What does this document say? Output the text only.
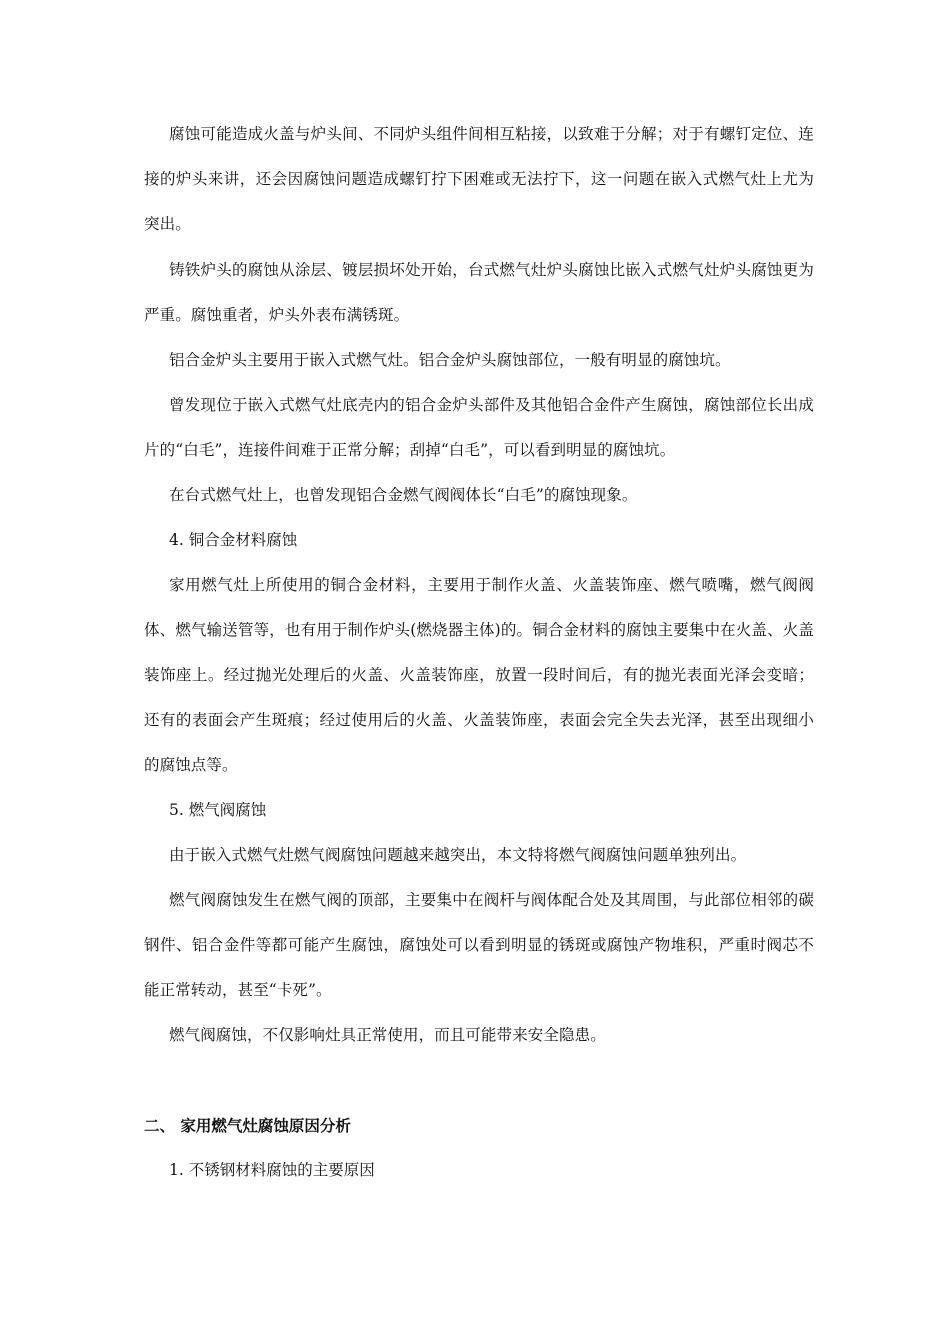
腐蚀可能造成火盖与炉头间、不同炉头组件间相互粘接，以致难于分解；对于有螺钉定位、连接的炉头来讲，还会因腐蚀问题造成螺钉拧下困难或无法拧下，这一问题在嵌入式燃气灶上尤为突出。

铸铁炉头的腐蚀从涂层、镀层损坏处开始，台式燃气灶炉头腐蚀比嵌入式燃气灶炉头腐蚀更为严重。腐蚀重者，炉头外表布满锈斑。

铝合金炉头主要用于嵌入式燃气灶。铝合金炉头腐蚀部位，一般有明显的腐蚀坑。

曾发现位于嵌入式燃气灶底壳内的铝合金炉头部件及其他铝合金件产生腐蚀，腐蚀部位长出成片的“白毛”，连接件间难于正常分解；刮掉“白毛”，可以看到明显的腐蚀坑。

在台式燃气灶上，也曾发现铝合金燃气阀阀体长“白毛”的腐蚀现象。

4. 铜合金材料腐蚀

家用燃气灶上所使用的铜合金材料，主要用于制作火盖、火盖装饰座、燃气喷嘴，燃气阀阀体、燃气输送管等，也有用于制作炉头(燃烧器主体)的。铜合金材料的腐蚀主要集中在火盖、火盖装饰座上。经过抛光处理后的火盖、火盖装饰座，放置一段时间后，有的抛光表面光泽会变暗；还有的表面会产生斑痕；经过使用后的火盖、火盖装饰座，表面会完全失去光泽，甚至出现细小的腐蚀点等。

5. 燃气阀腐蚀

由于嵌入式燃气灶燃气阀腐蚀问题越来越突出，本文特将燃气阀腐蚀问题单独列出。

燃气阀腐蚀发生在燃气阀的顶部，主要集中在阀杆与阀体配合处及其周围，与此部位相邻的碳钢件、铝合金件等都可能产生腐蚀，腐蚀处可以看到明显的锈斑或腐蚀产物堆积，严重时阀芯不能正常转动，甚至“卡死”。

燃气阀腐蚀，不仅影响灶具正常使用，而且可能带来安全隐患。

二、 家用燃气灶腐蚀原因分析

1. 不锈钢材料腐蚀的主要原因
